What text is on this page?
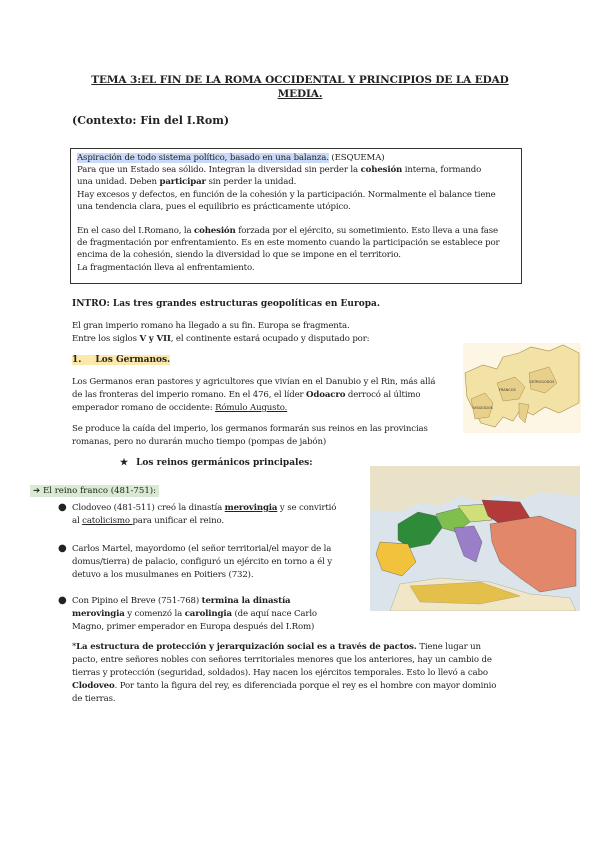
TEMA 3:EL FIN DE LA ROMA OCCIDENTAL Y PRINCIPIOS DE LA EDAD
MEDIA.
(Contexto: Fin del I.Rom)

Aspiración de todo sistema político, basado en una balanza. (ESQUEMA)

Para que un Estado sea sólido. Integran la diversidad sin perder la cohesión interna, formando

una unidad. Deben participar sin perder la unidad.

Hay excesos y defectos, en función de la cohesión y la participación. Normalmente el balance tiene

una tendencia clara, pues el equilibrio es prácticamente utópico.

En el caso del I.Romano, la cohesión forzada por el ejército, su sometimiento. Esto lleva a una fase

de fragmentación por enfrentamiento. Es en este momento cuando la participación se establece por

encima de la cohesión, siendo la diversidad lo que se impone en el territorio.

La fragmentación lleva al enfrentamiento.

INTRO: Las tres grandes estructuras geopolíticas en Europa.
El gran imperio romano ha llegado a su fin. Europa se fragmenta.
Entre los siglos V y VII, el continente estará ocupado y disputado por:
1. Los Germanos.
Los Germanos eran pastores y agricultores que vivían en el Danubio y el Rin, más allá
de las fronteras del imperio romano. En el 476, el líder Odoacro derrocó al último
emperador romano de occidente: Rómulo Augusto.
Se produce la caída del imperio, los germanos formarán sus reinos en las provincias
romanas, pero no durarán mucho tiempo (pompas de jabón)
FRANCOS
VISIGODOS
OSTROGODOS
★ Los reinos germánicos principales:
➔ El reino franco (481-751):
● Clodoveo (481-511) creó la dinastía merovingia y se convirtió
al catolicismo para unificar el reino.
● Carlos Martel, mayordomo (el señor territorial/el mayor de la
domus/tierra) de palacio, configuró un ejército en torno a él y
detuvo a los musulmanes en Poitiers (732).
● Con Pipino el Breve (751-768) termina la dinastía
merovingia y comenzó la carolingia (de aquí nace Carlo
Magno, primer emperador en Europa después del I.Rom)
*La estructura de protección y jerarquización social es a través de pactos. Tiene lugar un
pacto, entre señores nobles con señores territoriales menores que los anteriores, hay un cambio de
tierras y protección (seguridad, soldados). Hay nacen los ejércitos temporales. Esto lo llevó a cabo
Clodoveo. Por tanto la figura del rey, es diferenciada porque el rey es el hombre con mayor dominio
de tierras.
